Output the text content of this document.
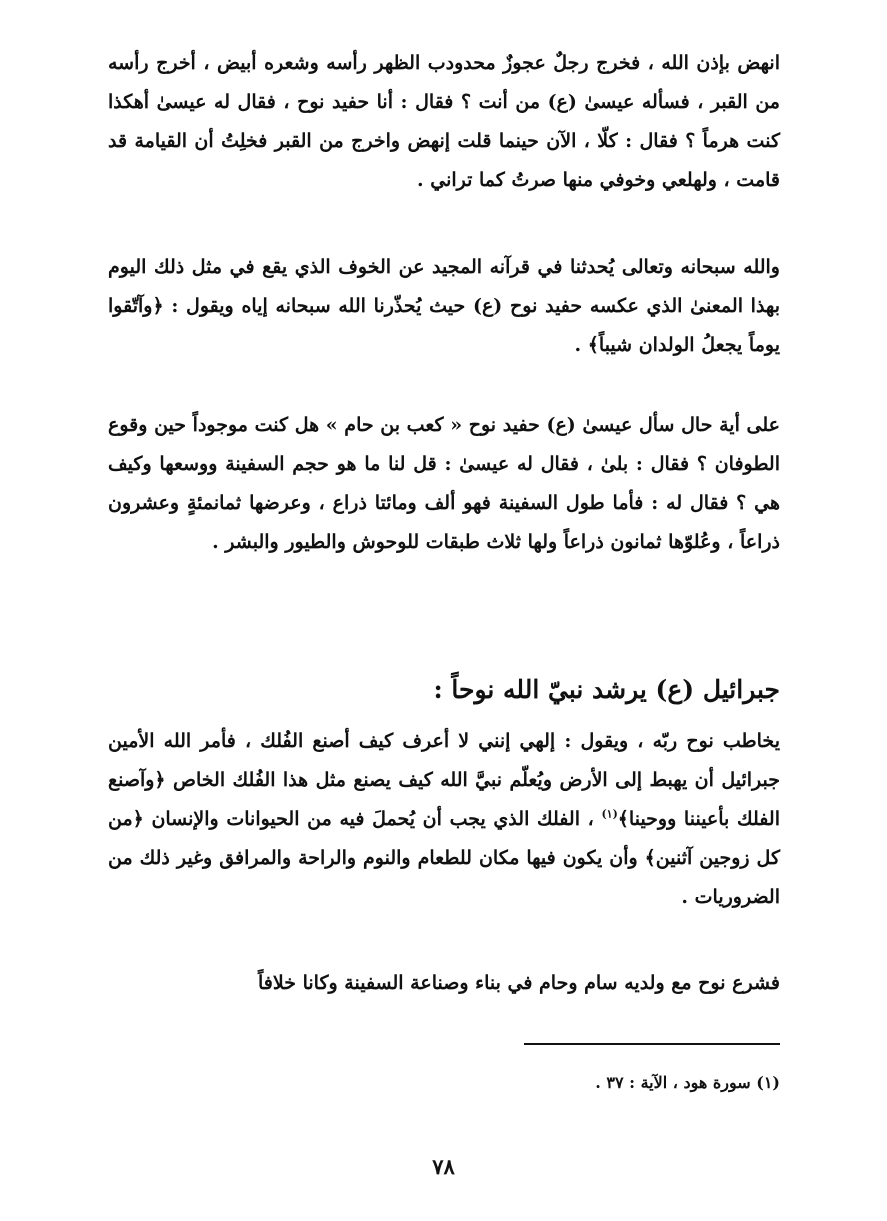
انهض بإذن الله ، فخرج رجلٌ عجوزٌ محدودب الظهر رأسه وشعره أبيض ، أخرج رأسه من القبر ، فسأله عيسىٰ (ع) من أنت ؟ فقال : أنا حفيد نوح ، فقال له عيسىٰ أهكذا كنت هرماً ؟ فقال : كلّا ، الآن حينما قلت إنهض واخرج من القبر فخلِتُ أن القيامة قد قامت ، ولهلعي وخوفي منها صرتُ كما تراني .

والله سبحانه وتعالى يُحدثنا في قرآنه المجيد عن الخوف الذي يقع في مثل ذلك اليوم بهذا المعنىٰ الذي عكسه حفيد نوح (ع) حيث يُحذّرنا الله سبحانه إياه ويقول : ﴿وآتّقوا يوماً يجعلُ الولدان شيباً﴾ .

على أية حال سأل عيسىٰ (ع) حفيد نوح « كعب بن حام » هل كنت موجوداً حين وقوع الطوفان ؟ فقال : بلىٰ ، فقال له عيسىٰ : قل لنا ما هو حجم السفينة ووسعها وكيف هي ؟ فقال له : فأما طول السفينة فهو ألف ومائتا ذراع ، وعرضها ثمانمئةٍ وعشرون ذراعاً ، وعُلوّها ثمانون ذراعاً ولها ثلاث طبقات للوحوش والطيور والبشر .

جبرائيل (ع) يرشد نبيّ الله نوحاً :

يخاطب نوح ربّه ، ويقول : إلهي إنني لا أعرف كيف أصنع الفُلك ، فأمر الله الأمين جبرائيل أن يهبط إلى الأرض ويُعلّم نبيَّ الله كيف يصنع مثل هذا الفُلك الخاص ﴿وآصنع الفلك بأعيننا ووحينا﴾$^{(١)}$ ، الفلك الذي يجب أن يُحملَ فيه من الحيوانات والإنسان ﴿من كل زوجين آثنين﴾ وأن يكون فيها مكان للطعام والنوم والراحة والمرافق وغير ذلك من الضروريات .

فشرع نوح مع ولديه سام وحام في بناء وصناعة السفينة وكانا خلافاً

(١) سورة هود ، الآية : ٣٧ .

٧٨
